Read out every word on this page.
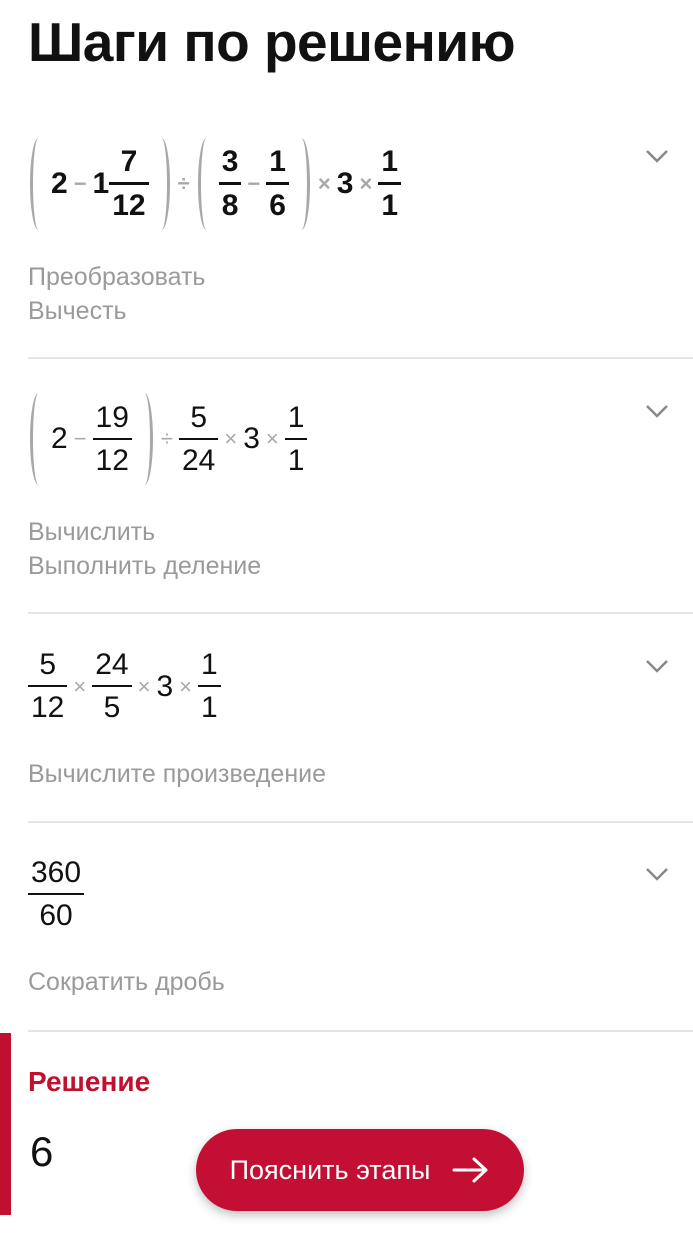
Шаги по решению
$2 - 1 \frac{7}{12} \div \frac{3}{8} - \frac{1}{6} \times 3 \times \frac{1}{1}$
Преобразовать
Вычесть
$2 - \frac{19}{12} \div \frac{5}{24} \times 3 \times \frac{1}{1}$
Вычислить
Выполнить деление
$\frac{5}{12} \times \frac{24}{5} \times 3 \times \frac{1}{1}$
Вычислите произведение
$\frac{360}{60}$
Сократить дробь
Решение
6	Пояснить этапы
